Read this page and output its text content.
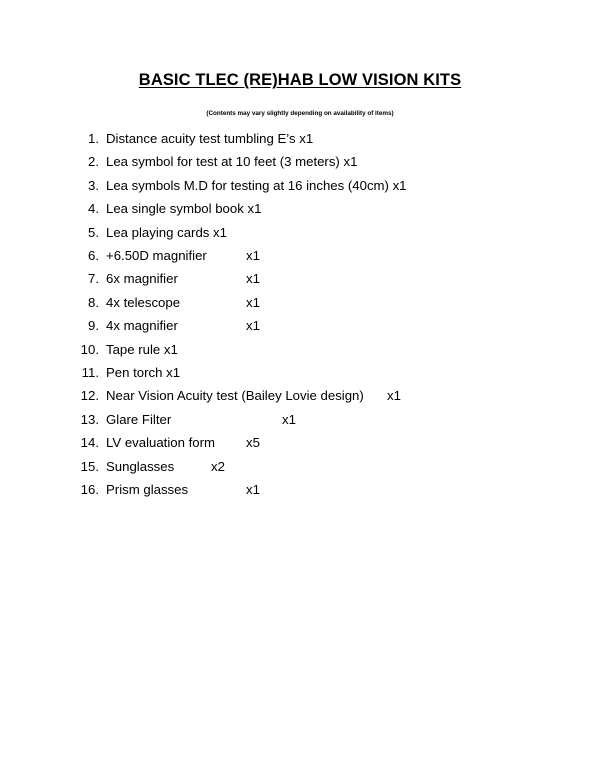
BASIC TLEC (RE)HAB LOW VISION KITS
(Contents may vary slightly depending on availability of items)
1. Distance acuity test tumbling E’s x1
2. Lea symbol for test at 10 feet (3 meters) x1
3. Lea symbols M.D for testing at 16 inches (40cm) x1
4. Lea single symbol book x1
5. Lea playing cards x1
6. +6.50D magnifier	x1
7. 6x magnifier	x1
8. 4x telescope	x1
9. 4x magnifier	x1
10. Tape rule x1
11. Pen torch x1
12. Near Vision Acuity test (Bailey Lovie design) x1
13. Glare Filter	x1
14. LV evaluation form x5
15. Sunglasses	x2
16. Prism glasses	x1
